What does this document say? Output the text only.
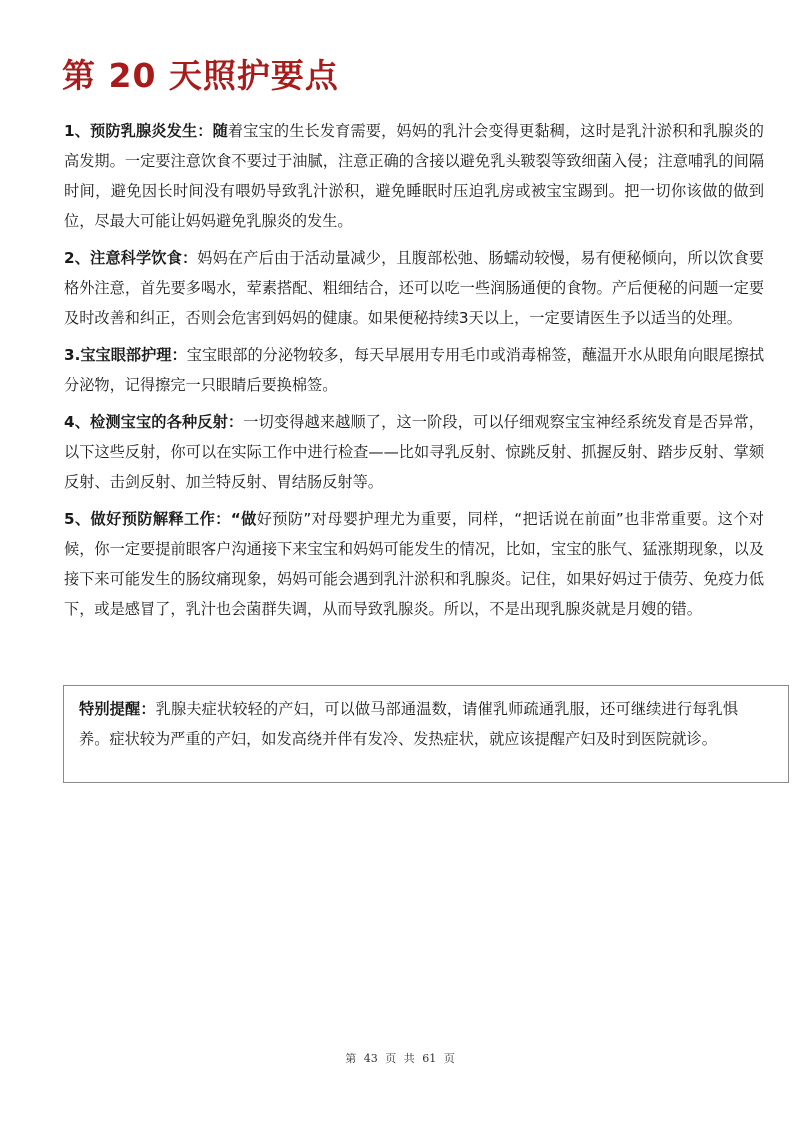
第 20 天照护要点

1、预防乳腺炎发生：随着宝宝的生长发育需要，妈妈的乳汁会变得更黏稠，这时是乳汁淤积和乳腺炎的高发期。一定要注意饮食不要过于油腻，注意正确的含接以避免乳头皲裂等致细菌入侵；注意哺乳的间隔时间，避免因长时间没有喂奶导致乳汁淤积，避免睡眠时压迫乳房或被宝宝踢到。把一切你该做的做到位，尽最大可能让妈妈避免乳腺炎的发生。

2、注意科学饮食：妈妈在产后由于活动量减少，且腹部松弛、肠蠕动较慢，易有便秘倾向，所以饮食要格外注意，首先要多喝水，荤素搭配、粗细结合，还可以吃一些润肠通便的食物。产后便秘的问题一定要及时改善和纠正，否则会危害到妈妈的健康。如果便秘持续3天以上，一定要请医生予以适当的处理。

3.宝宝眼部护理：宝宝眼部的分泌物较多，每天早展用专用毛巾或消毒棉签，蘸温开水从眼角向眼尾擦拭分泌物，记得擦完一只眼睛后要换棉签。

4、检测宝宝的各种反射：一切变得越来越顺了，这一阶段，可以仔细观察宝宝神经系统发育是否异常，以下这些反射，你可以在实际工作中进行检查——比如寻乳反射、惊跳反射、抓握反射、踏步反射、掌颏反射、击剑反射、加兰特反射、胃结肠反射等。

5、做好预防解释工作：“做好预防”对母婴护理尤为重要，同样，“把话说在前面”也非常重要。这个对候，你一定要提前眼客户沟通接下来宝宝和妈妈可能发生的情况，比如，宝宝的胀气、猛涨期现象，以及接下来可能发生的肠纹痛现象，妈妈可能会遇到乳汁淤积和乳腺炎。记住，如果好妈过于债劳、免疫力低下，或是感冒了，乳汁也会菌群失调，从而导致乳腺炎。所以，不是出现乳腺炎就是月嫂的错。

特别提醒：乳腺夫症状较轻的产妇，可以做马部通温数，请催乳师疏通乳服，还可继续进行每乳惧养。症状较为严重的产妇，如发高绕并伴有发冷、发热症状，就应该提醒产妇及时到医院就诊。

第 43 页 共 61 页
